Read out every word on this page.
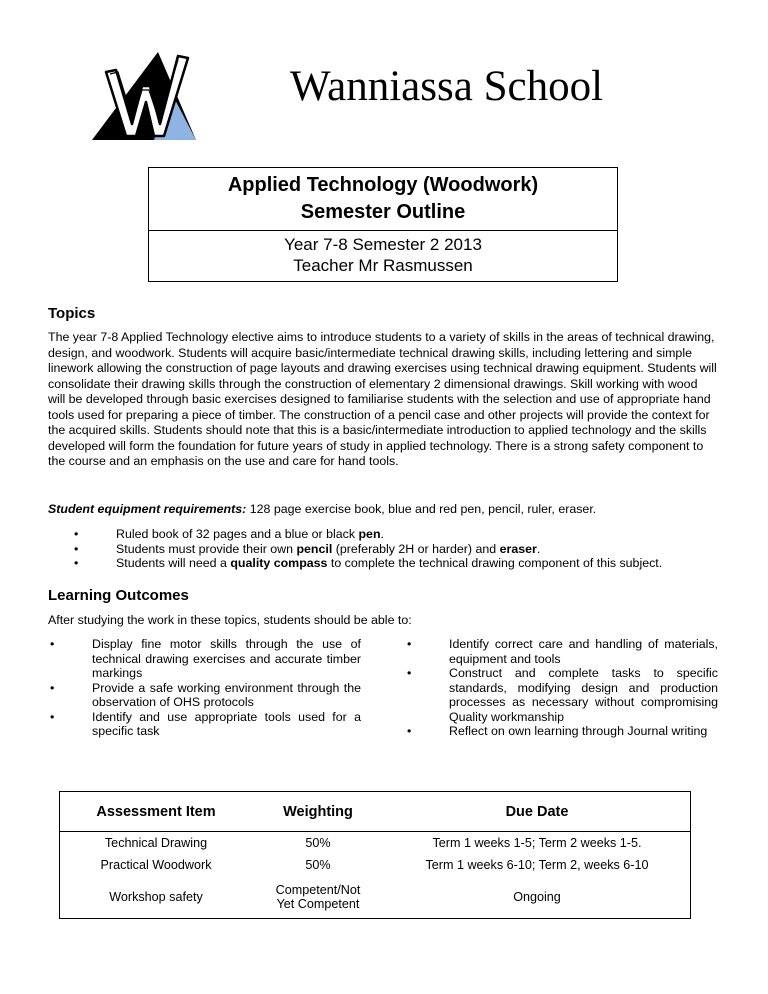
Wanniassa School
Applied Technology (Woodwork)
Semester Outline
Year 7-8 Semester 2 2013
Teacher Mr Rasmussen
Topics

The year 7-8 Applied Technology elective aims to introduce students to a variety of skills in the areas of technical drawing, design, and woodwork. Students will acquire basic/intermediate technical drawing skills, including lettering and simple linework allowing the construction of page layouts and drawing exercises using technical drawing equipment. Students will consolidate their drawing skills through the construction of elementary 2 dimensional drawings. Skill working with wood will be developed through basic exercises designed to familiarise students with the selection and use of appropriate hand tools used for preparing a piece of timber. The construction of a pencil case and other projects will provide the context for the acquired skills. Students should note that this is a basic/intermediate introduction to applied technology and the skills developed will form the foundation for future years of study in applied technology. There is a strong safety component to the course and an emphasis on the use and care for hand tools.

Student equipment requirements: 128 page exercise book, blue and red pen, pencil, ruler, eraser.
• Ruled book of 32 pages and a blue or black pen.
• Students must provide their own pencil (preferably 2H or harder) and eraser.
• Students will need a quality compass to complete the technical drawing component of this subject.
Learning Outcomes

After studying the work in these topics, students should be able to:

• Display fine motor skills through the use of technical drawing exercises and accurate timber markings
• Provide a safe working environment through the observation of OHS protocols
• Identify and use appropriate tools used for a specific task
• Identify correct care and handling of materials, equipment and tools
• Construct and complete tasks to specific standards, modifying design and production processes as necessary without compromising Quality workmanship
• Reflect on own learning through Journal writing
Assessment Item	Weighting	Due Date
Technical Drawing	50%	Term 1 weeks 1-5; Term 2 weeks 1-5.
Practical Woodwork	50%	Term 1 weeks 6-10; Term 2, weeks 6-10
Workshop safety	Competent/Not Yet Competent	Ongoing
